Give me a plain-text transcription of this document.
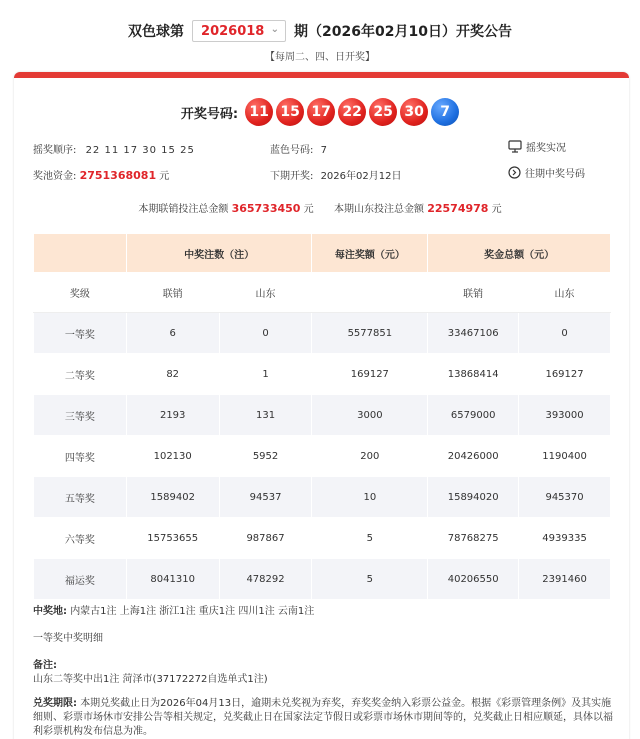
双色球第 2026018 ⌄ 期（2026年02月10日）开奖公告
【每周二、四、日开奖】
开奖号码: 11 15 17 22 25 30	7
摇奖顺序: 22 11 17 30 15 25	蓝色号码: 7	摇奖实况
奖池资金: 2751368081 元	下期开奖: 2026年02月12日	往期中奖号码
本期联销投注总金额 365733450 元 本期山东投注总金额 22574978 元
	中奖注数（注）		每注奖额（元）	奖金总额（元）	
奖级	联销	山东		联销	山东
一等奖	6	0	5577851	33467106	0
二等奖	82	1	169127	13868414	169127
三等奖	2193	131	3000	6579000	393000
四等奖	102130	5952	200	20426000	1190400
五等奖	1589402	94537	10	15894020	945370
六等奖	15753655	987867	5	78768275	4939335
福运奖	8041310	478292	5	40206550	2391460
中奖地: 内蒙古1注 上海1注 浙江1注 重庆1注 四川1注 云南1注
一等奖中奖明细
备注:
山东二等奖中出1注 菏泽市(37172272自选单式1注)
兑奖期限: 本期兑奖截止日为2026年04月13日，逾期未兑奖视为弃奖，弃奖奖金纳入彩票公益金。根据《彩票管理条例》及其实施细则、彩票市场休市安排公告等相关规定，兑奖截止日在国家法定节假日或彩票市场休市期间等的，兑奖截止日相应顺延，具体以福利彩票机构发布信息为准。
